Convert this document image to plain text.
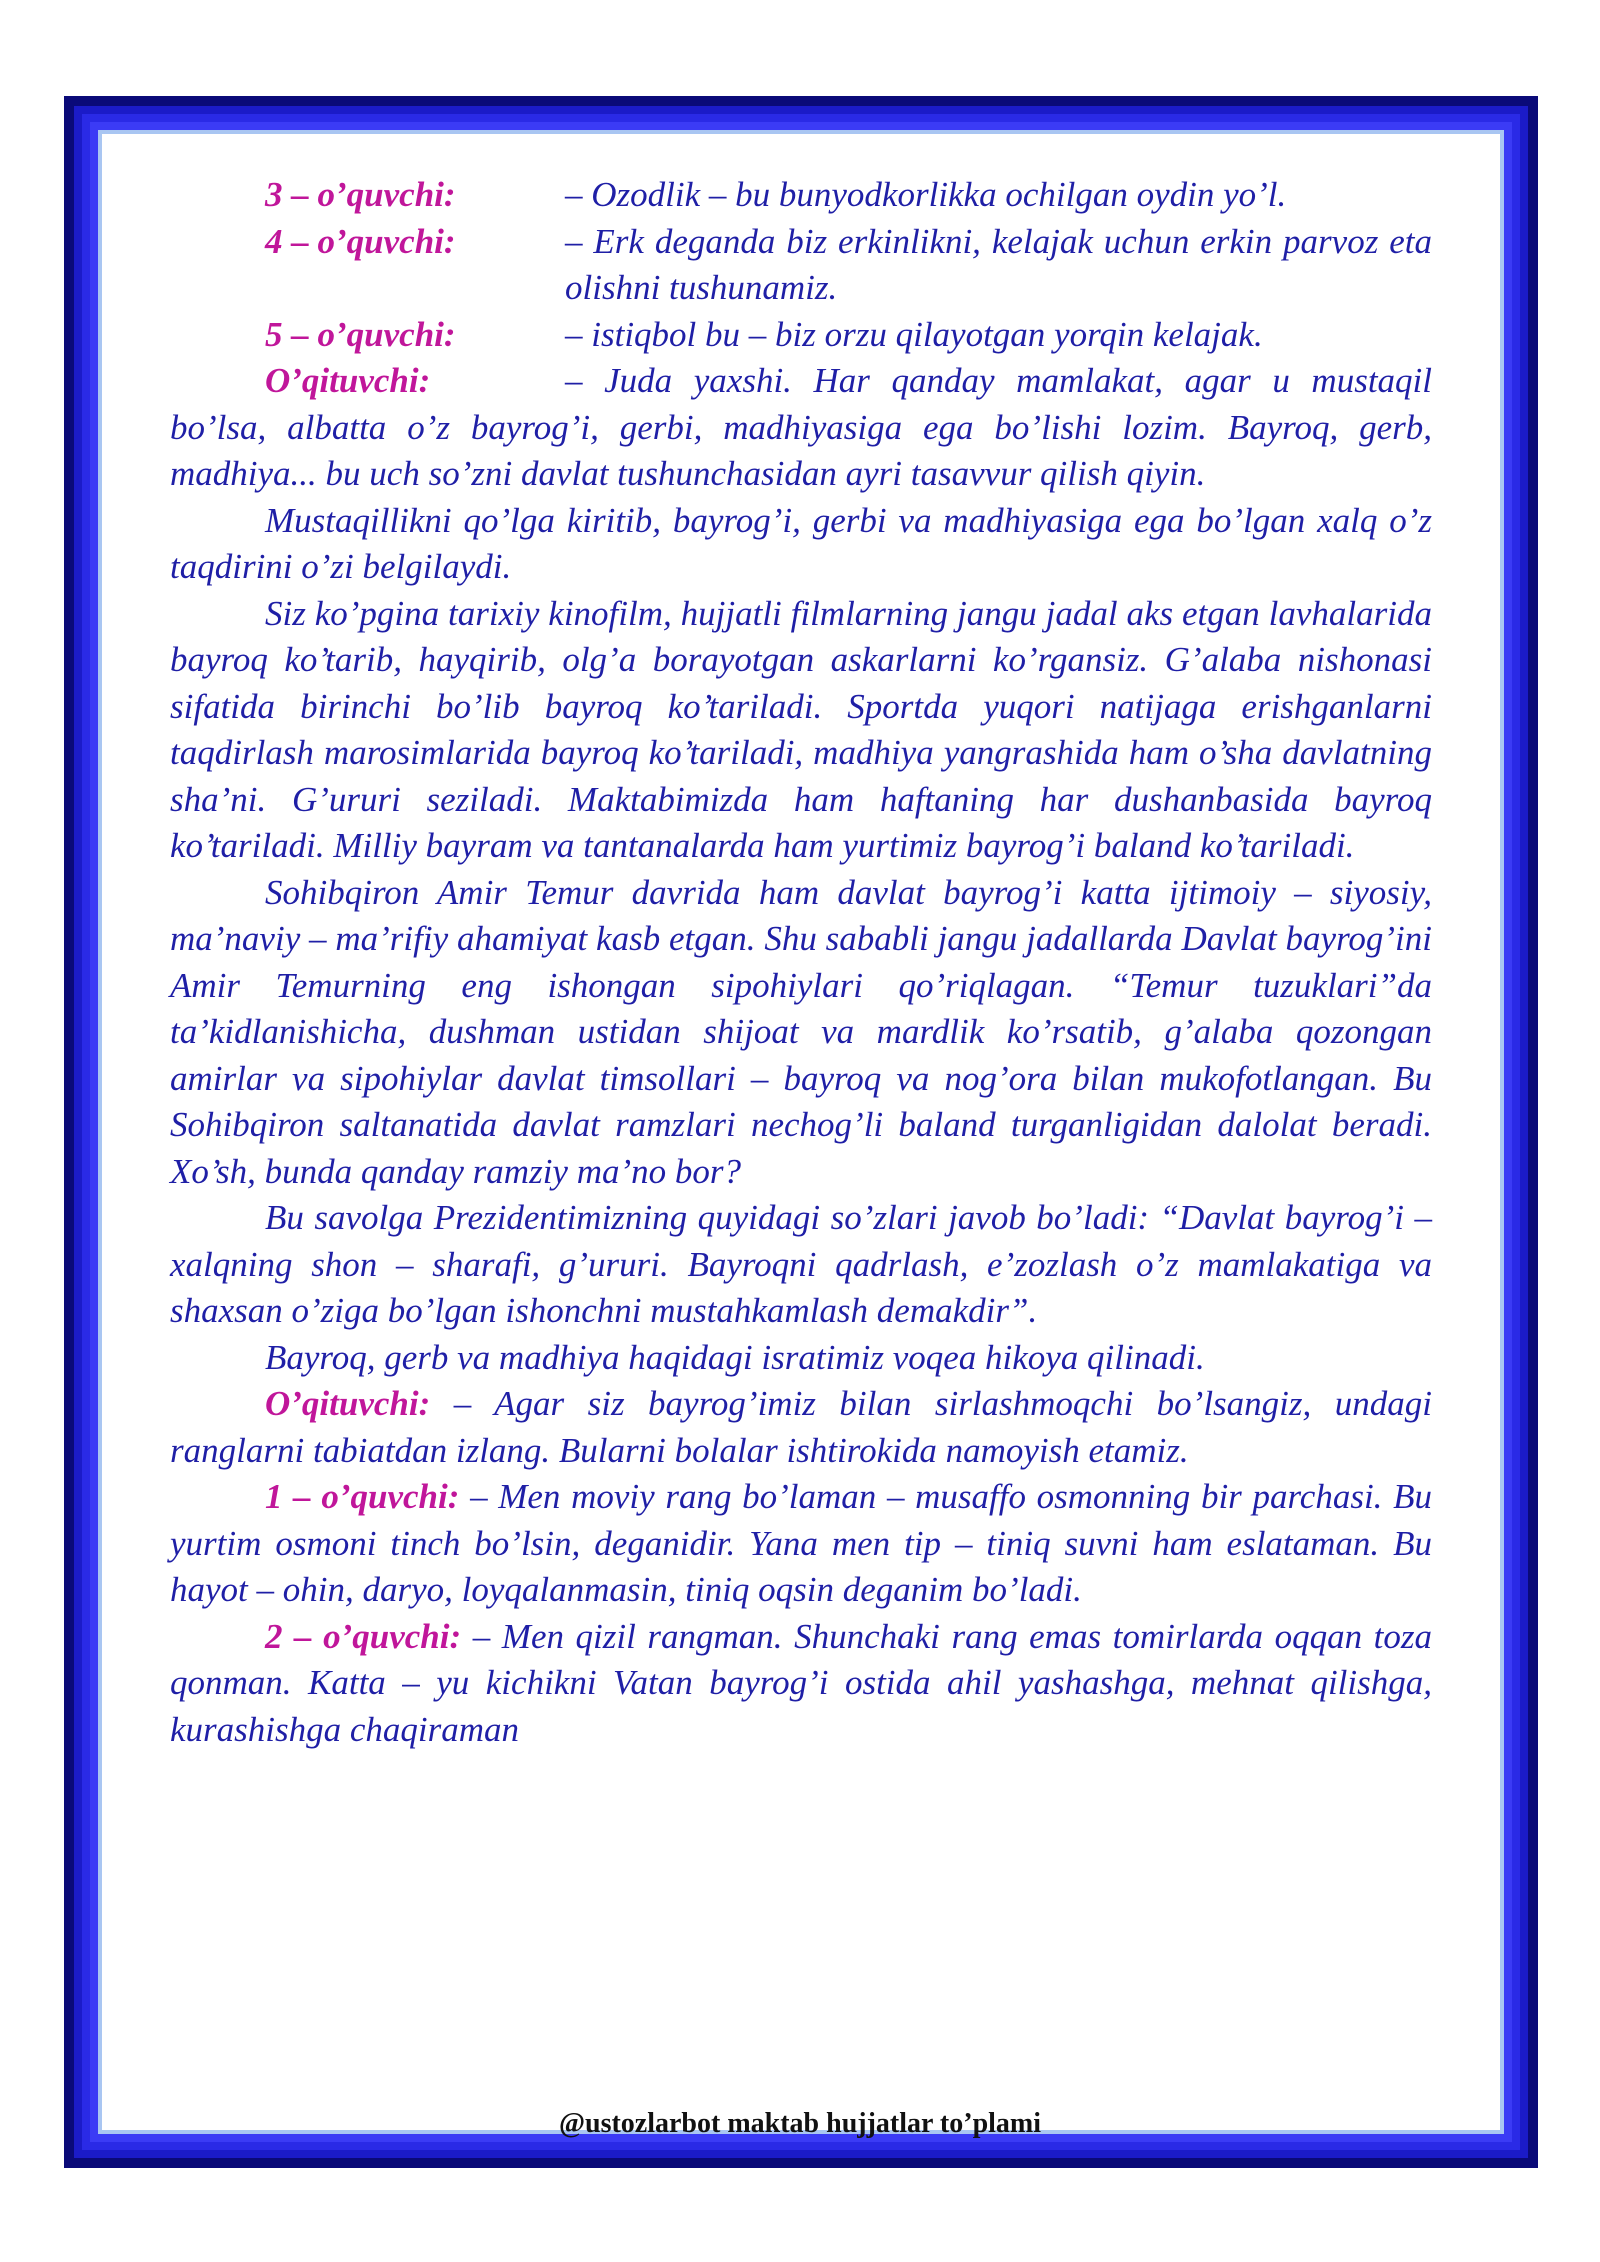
3 – o’quvchi:	– Ozodlik – bu bunyodkorlikka ochilgan oydin yo’l.
4 – o’quvchi:	– Erk deganda biz erkinlikni, kelajak uchun erkin parvoz eta olishni tushunamiz.
5 – o’quvchi:	– istiqbol bu – biz orzu qilayotgan yorqin kelajak.

O’qituvchi:	– Juda yaxshi. Har qanday mamlakat, agar u mustaqil bo’lsa, albatta o’z bayrog’i, gerbi, madhiyasiga ega bo’lishi lozim. Bayroq, gerb, madhiya... bu uch so’zni davlat tushunchasidan ayri tasavvur qilish qiyin.

Mustaqillikni qo’lga kiritib, bayrog’i, gerbi va madhiyasiga ega bo’lgan xalq o’z taqdirini o’zi belgilaydi.

Siz ko’pgina tarixiy kinofilm, hujjatli filmlarning jangu jadal aks etgan lavhalarida bayroq ko’tarib, hayqirib, olg’a borayotgan askarlarni ko’rgansiz. G’alaba nishonasi sifatida birinchi bo’lib bayroq ko’tariladi. Sportda yuqori natijaga erishganlarni taqdirlash marosimlarida bayroq ko’tariladi, madhiya yangrashida ham o’sha davlatning sha’ni. G’ururi seziladi. Maktabimizda ham haftaning har dushanbasida bayroq ko’tariladi. Milliy bayram va tantanalarda ham yurtimiz bayrog’i baland ko’tariladi.

Sohibqiron Amir Temur davrida ham davlat bayrog’i katta ijtimoiy – siyosiy, ma’naviy – ma’rifiy ahamiyat kasb etgan. Shu sababli jangu jadallarda Davlat bayrog’ini Amir Temurning eng ishongan sipohiylari qo’riqlagan. “Temur tuzuklari”da ta’kidlanishicha, dushman ustidan shijoat va mardlik ko’rsatib, g’alaba qozongan amirlar va sipohiylar davlat timsollari – bayroq va nog’ora bilan mukofotlangan. Bu Sohibqiron saltanatida davlat ramzlari nechog’li baland turganligidan dalolat beradi. Xo’sh, bunda qanday ramziy ma’no bor?

Bu savolga Prezidentimizning quyidagi so’zlari javob bo’ladi: “Davlat bayrog’i – xalqning shon – sharafi, g’ururi. Bayroqni qadrlash, e’zozlash o’z mamlakatiga va shaxsan o’ziga bo’lgan ishonchni mustahkamlash demakdir”.

Bayroq, gerb va madhiya haqidagi isratimiz voqea hikoya qilinadi.

O’qituvchi: – Agar siz bayrog’imiz bilan sirlashmoqchi bo’lsangiz, undagi ranglarni tabiatdan izlang. Bularni bolalar ishtirokida namoyish etamiz.

1 – o’quvchi: – Men moviy rang bo’laman – musaffo osmonning bir parchasi. Bu yurtim osmoni tinch bo’lsin, deganidir. Yana men tip – tiniq suvni ham eslataman. Bu hayot – ohin, daryo, loyqalanmasin, tiniq oqsin deganim bo’ladi.

2 – o’quvchi: – Men qizil rangman. Shunchaki rang emas tomirlarda oqqan toza qonman. Katta – yu kichikni Vatan bayrog’i ostida ahil yashashga, mehnat qilishga, kurashishga chaqiraman

@ustozlarbot maktab hujjatlar to’plami
